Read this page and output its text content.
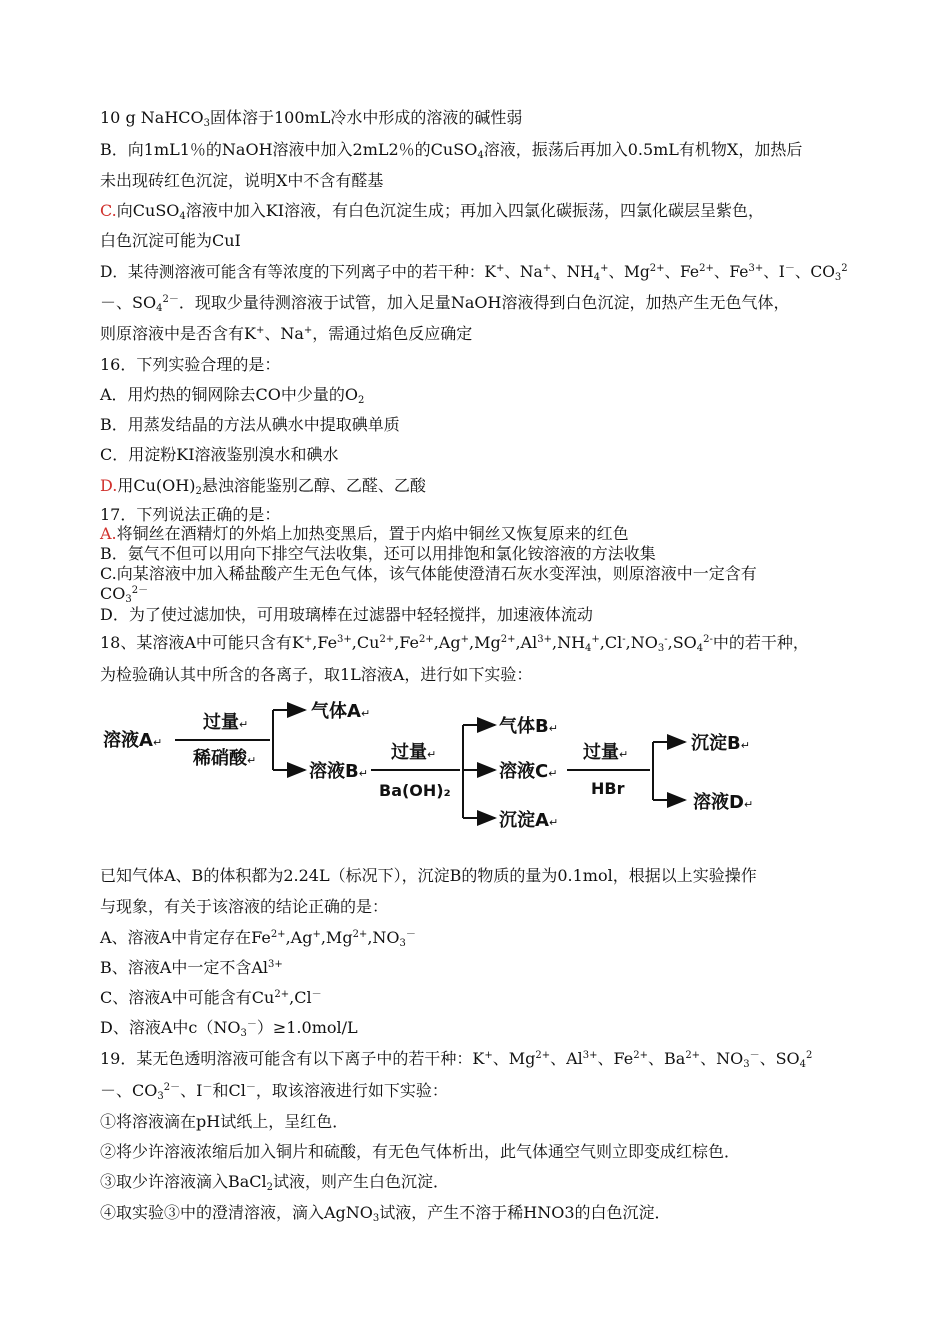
10 g NaHCO$_3$固体溶于100mL冷水中形成的溶液的碱性弱
B．向1mL1％的NaOH溶液中加入2mL2％的CuSO$_4$溶液，振荡后再加入0.5mL有机物X，加热后
未出现砖红色沉淀，说明X中不含有醛基
C.向CuSO$_4$溶液中加入KI溶液，有白色沉淀生成；再加入四氯化碳振荡，四氯化碳层呈紫色，
白色沉淀可能为CuI
D．某待测溶液可能含有等浓度的下列离子中的若干种：K+、Na+、$NH_4^+$、$Mg^{2+}$、$Fe^{2+}$、$Fe^{3+}$、I－、$CO_3^2$
－、$SO_4^{2-}$．现取少量待测溶液于试管，加入足量NaOH溶液得到白色沉淀，加热产生无色气体，
则原溶液中是否含有K+、Na+，需通过焰色反应确定
16．下列实验合理的是：
A．用灼热的铜网除去CO中少量的$O_2$
B．用蒸发结晶的方法从碘水中提取碘单质
C．用淀粉KI溶液鉴别溴水和碘水
D.用$Cu(OH)_2$悬浊溶能鉴别乙醇、乙醛、乙酸
17．下列说法正确的是：
A.将铜丝在酒精灯的外焰上加热变黑后，置于内焰中铜丝又恢复原来的红色
B．氨气不但可以用向下排空气法收集，还可以用排饱和氯化铵溶液的方法收集
C.向某溶液中加入稀盐酸产生无色气体，该气体能使澄清石灰水变浑浊，则原溶液中一定含有
$CO_3^{2-}$
D．为了使过滤加快，可用玻璃棒在过滤器中轻轻搅拌，加速液体流动
18、某溶液A中可能只含有$K^+,Fe^{3+},Cu^{2+},Fe^{2+},Ag^+,Mg^{2+},Al^{3+},NH_4^+,Cl^-,NO_3^-,SO_4^{2-}$中的若干种，
为检验确认其中所含的各离子，取1L溶液A，进行如下实验：
溶液A↵
过量↵
稀硝酸↵
气体A↵
溶液B↵
过量↵
Ba(OH)₂
气体B↵
溶液C↵
沉淀A↵
过量↵
HBr
沉淀B↵
溶液D↵
已知气体A、B的体积都为2.24L（标况下），沉淀B的物质的量为0.1mol，根据以上实验操作
与现象，有关于该溶液的结论正确的是：
A、溶液A中肯定存在$Fe^{2+},Ag^+,Mg^{2+},NO_3^-$
B、溶液A中一定不含$Al^{3+}$
C、溶液A中可能含有$Cu^{2+},Cl^-$
D、溶液A中$c(NO_3^-)\ge 1.0mol/L$
19．某无色透明溶液可能含有以下离子中的若干种：K+、$Mg^{2+}$、$Al^{3+}$、$Fe^{2+}$、$Ba^{2+}$、$NO_3^-$、$SO_4^2$
－、$CO_3^{2-}$、I－和Cl－，取该溶液进行如下实验：
①将溶液滴在pH试纸上，呈红色．
②将少许溶液浓缩后加入铜片和硫酸，有无色气体析出，此气体通空气则立即变成红棕色．
③取少许溶液滴入BaCl$_2$试液，则产生白色沉淀．
④取实验③中的澄清溶液，滴入AgNO$_3$试液，产生不溶于稀HNO3的白色沉淀．
